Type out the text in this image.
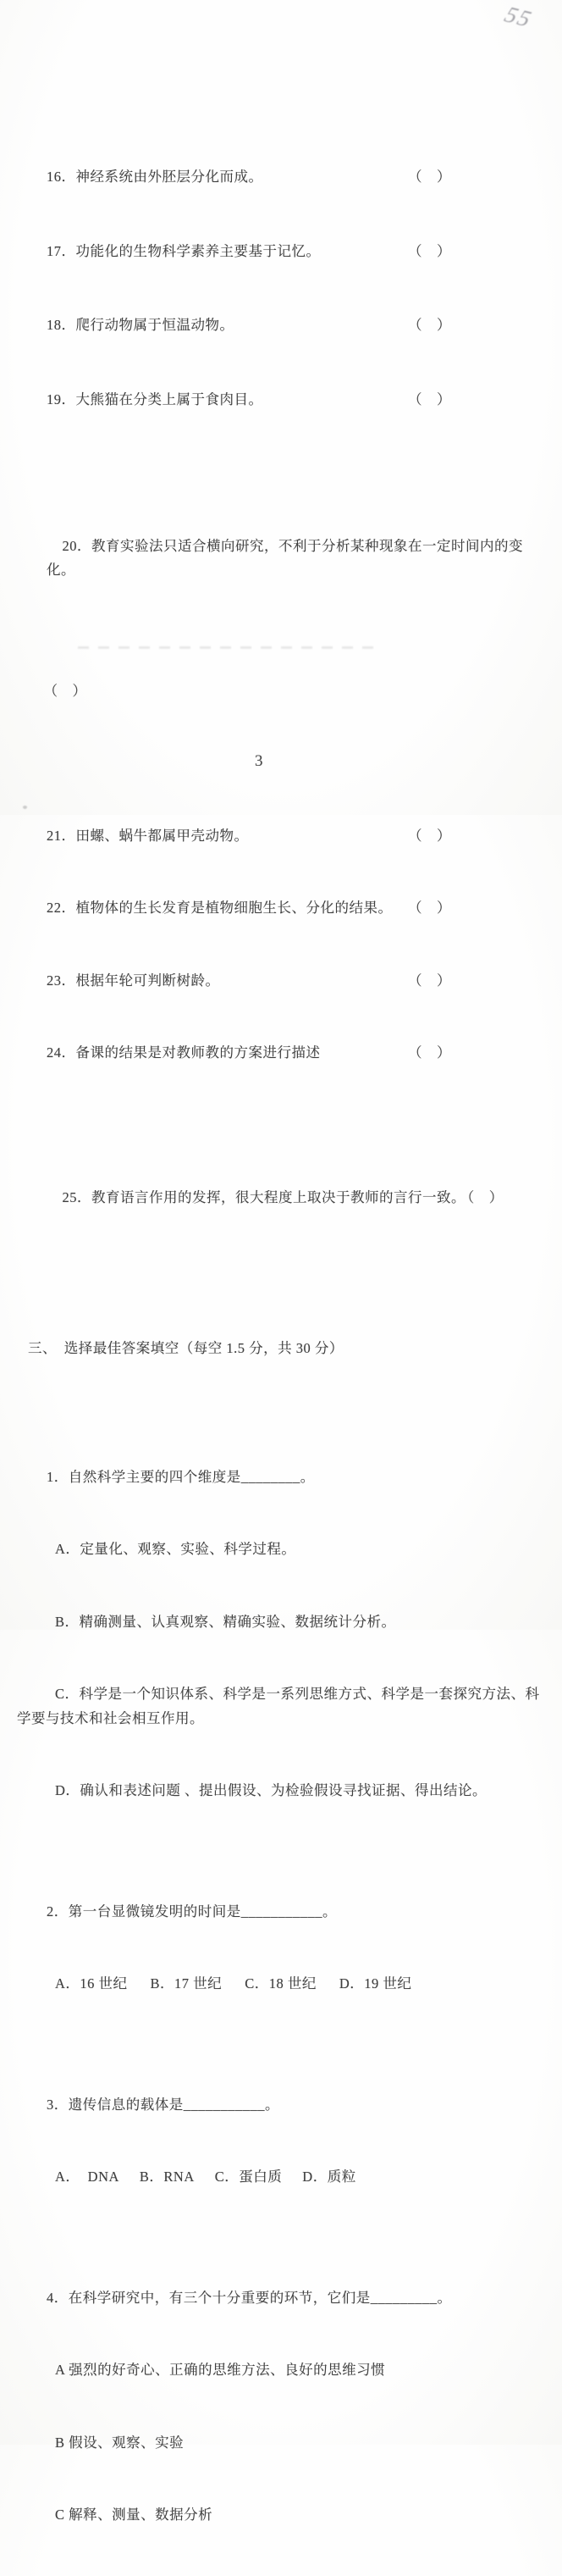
55

16．神经系统由外胚层分化而成。	（　）

17．功能化的生物科学素养主要基于记忆。	（　）

18．爬行动物属于恒温动物。	（　）

19．大熊猫在分类上属于食肉目。	（　）

20．教育实验法只适合横向研究，不利于分析某种现象在一定时间内的变化。

（　）

21．田螺、蜗牛都属甲壳动物。	（　）

22．植物体的生长发育是植物细胞生长、分化的结果。 （　）

23．根据年轮可判断树龄。	（　）

24．备课的结果是对教师教的方案进行描述	（　）

25．教育语言作用的发挥，很大程度上取决于教师的言行一致。 （　）

三、　选择最佳答案填空（每空 1.5 分，共 30 分）

1．自然科学主要的四个维度是________。

A．定量化、观察、实验、科学过程。

B．精确测量、认真观察、精确实验、数据统计分析。

C．科学是一个知识体系、科学是一系列思维方式、科学是一套探究方法、科学要与技术和社会相互作用。

D．确认和表述问题 、提出假设、为检验假设寻找证据、得出结论。

2．第一台显微镜发明的时间是___________。

A．16 世纪 B．17 世纪 C．18 世纪 D．19 世纪

3．遗传信息的载体是___________。

A．  DNA B．RNA C．蛋白质 D．质粒

4．在科学研究中，有三个十分重要的环节，它们是_________。

A 强烈的好奇心、正确的思维方法、良好的思维习惯

B 假设、观察、实验

C 解释、测量、数据分析

3
